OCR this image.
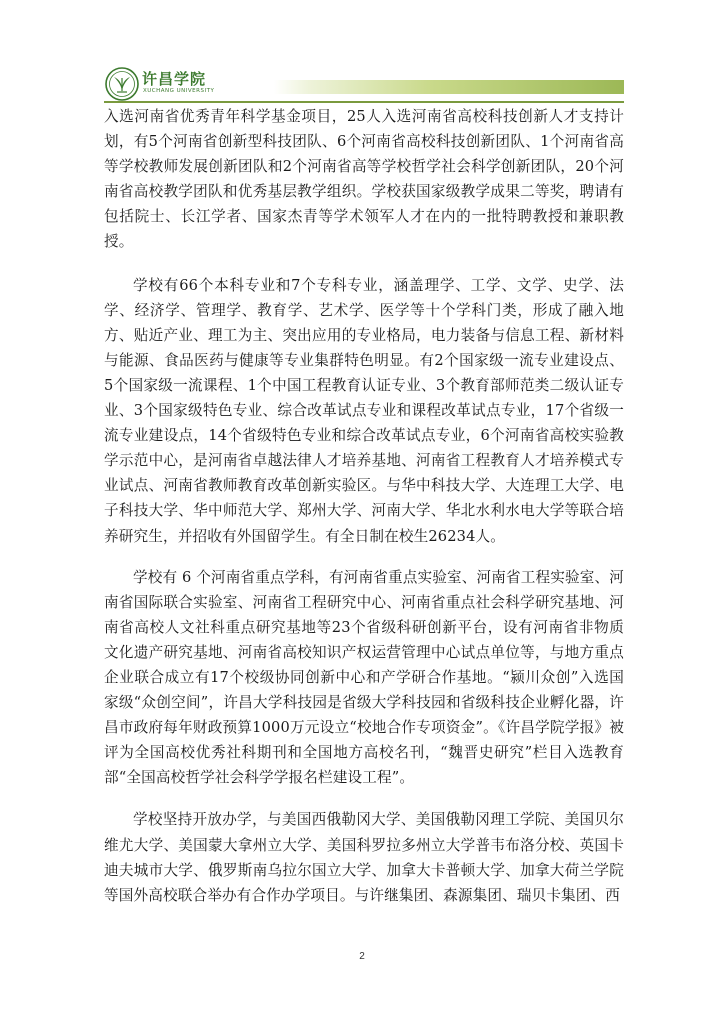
许昌学院
XUCHANG UNIVERSITY

入选河南省优秀青年科学基金项目，25人入选河南省高校科技创新人才支持计划，有5个河南省创新型科技团队、6个河南省高校科技创新团队、1个河南省高等学校教师发展创新团队和2个河南省高等学校哲学社会科学创新团队，20个河南省高校教学团队和优秀基层教学组织。学校获国家级教学成果二等奖，聘请有包括院士、长江学者、国家杰青等学术领军人才在内的一批特聘教授和兼职教授。

学校有66个本科专业和7个专科专业，涵盖理学、工学、文学、史学、法学、经济学、管理学、教育学、艺术学、医学等十个学科门类，形成了融入地方、贴近产业、理工为主、突出应用的专业格局，电力装备与信息工程、新材料与能源、食品医药与健康等专业集群特色明显。有2个国家级一流专业建设点、5个国家级一流课程、1个中国工程教育认证专业、3个教育部师范类二级认证专业、3个国家级特色专业、综合改革试点专业和课程改革试点专业，17个省级一流专业建设点，14个省级特色专业和综合改革试点专业，6个河南省高校实验教学示范中心，是河南省卓越法律人才培养基地、河南省工程教育人才培养模式专业试点、河南省教师教育改革创新实验区。与华中科技大学、大连理工大学、电子科技大学、华中师范大学、郑州大学、河南大学、华北水利水电大学等联合培养研究生，并招收有外国留学生。有全日制在校生26234人。

学校有 6 个河南省重点学科，有河南省重点实验室、河南省工程实验室、河南省国际联合实验室、河南省工程研究中心、河南省重点社会科学研究基地、河南省高校人文社科重点研究基地等23个省级科研创新平台，设有河南省非物质文化遗产研究基地、河南省高校知识产权运营管理中心试点单位等，与地方重点企业联合成立有17个校级协同创新中心和产学研合作基地。“颍川众创”入选国家级“众创空间”，许昌大学科技园是省级大学科技园和省级科技企业孵化器，许昌市政府每年财政预算1000万元设立“校地合作专项资金”。《许昌学院学报》被评为全国高校优秀社科期刊和全国地方高校名刊，“魏晋史研究”栏目入选教育部“全国高校哲学社会科学学报名栏建设工程”。

学校坚持开放办学，与美国西俄勒冈大学、美国俄勒冈理工学院、美国贝尔维尤大学、美国蒙大拿州立大学、美国科罗拉多州立大学普韦布洛分校、英国卡迪夫城市大学、俄罗斯南乌拉尔国立大学、加拿大卡普顿大学、加拿大荷兰学院等国外高校联合举办有合作办学项目。与许继集团、森源集团、瑞贝卡集团、西

2
